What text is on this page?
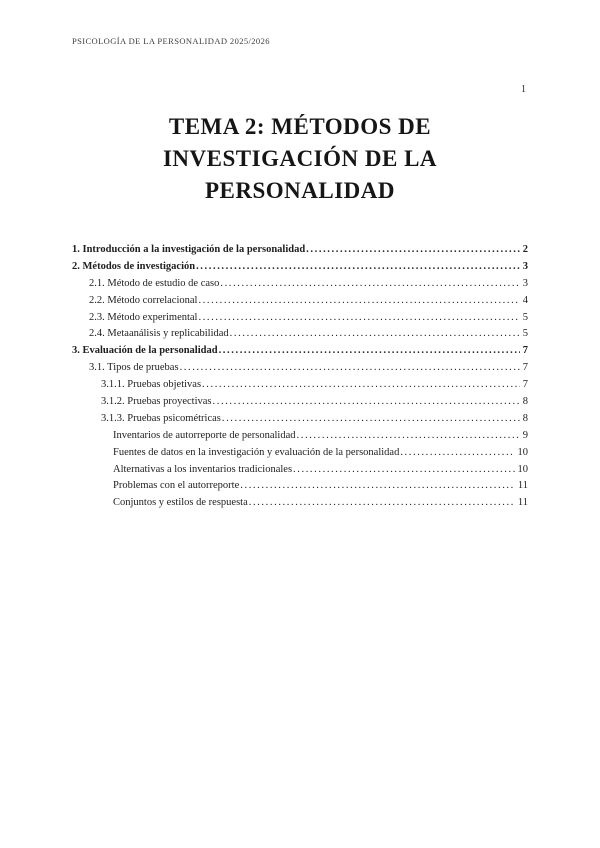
PSICOLOGÍA DE LA PERSONALIDAD 2025/2026
1
TEMA 2: MÉTODOS DE
INVESTIGACIÓN DE LA
PERSONALIDAD
1. Introducción a la investigación de la personalidad .....	2
2. Métodos de investigación .....	3
2.1. Método de estudio de caso .....	3
2.2. Método correlacional .....	4
2.3. Método experimental .....	5
2.4. Metaanálisis y replicabilidad .....	5
3. Evaluación de la personalidad .....	7
3.1. Tipos de pruebas .....	7
3.1.1. Pruebas objetivas .....	7
3.1.2. Pruebas proyectivas .....	8
3.1.3. Pruebas psicométricas .....	8
Inventarios de autorreporte de personalidad .....	9
Fuentes de datos en la investigación y evaluación de la personalidad .....	10
Alternativas a los inventarios tradicionales .....	10
Problemas con el autorreporte .....	11
Conjuntos y estilos de respuesta .....	11
